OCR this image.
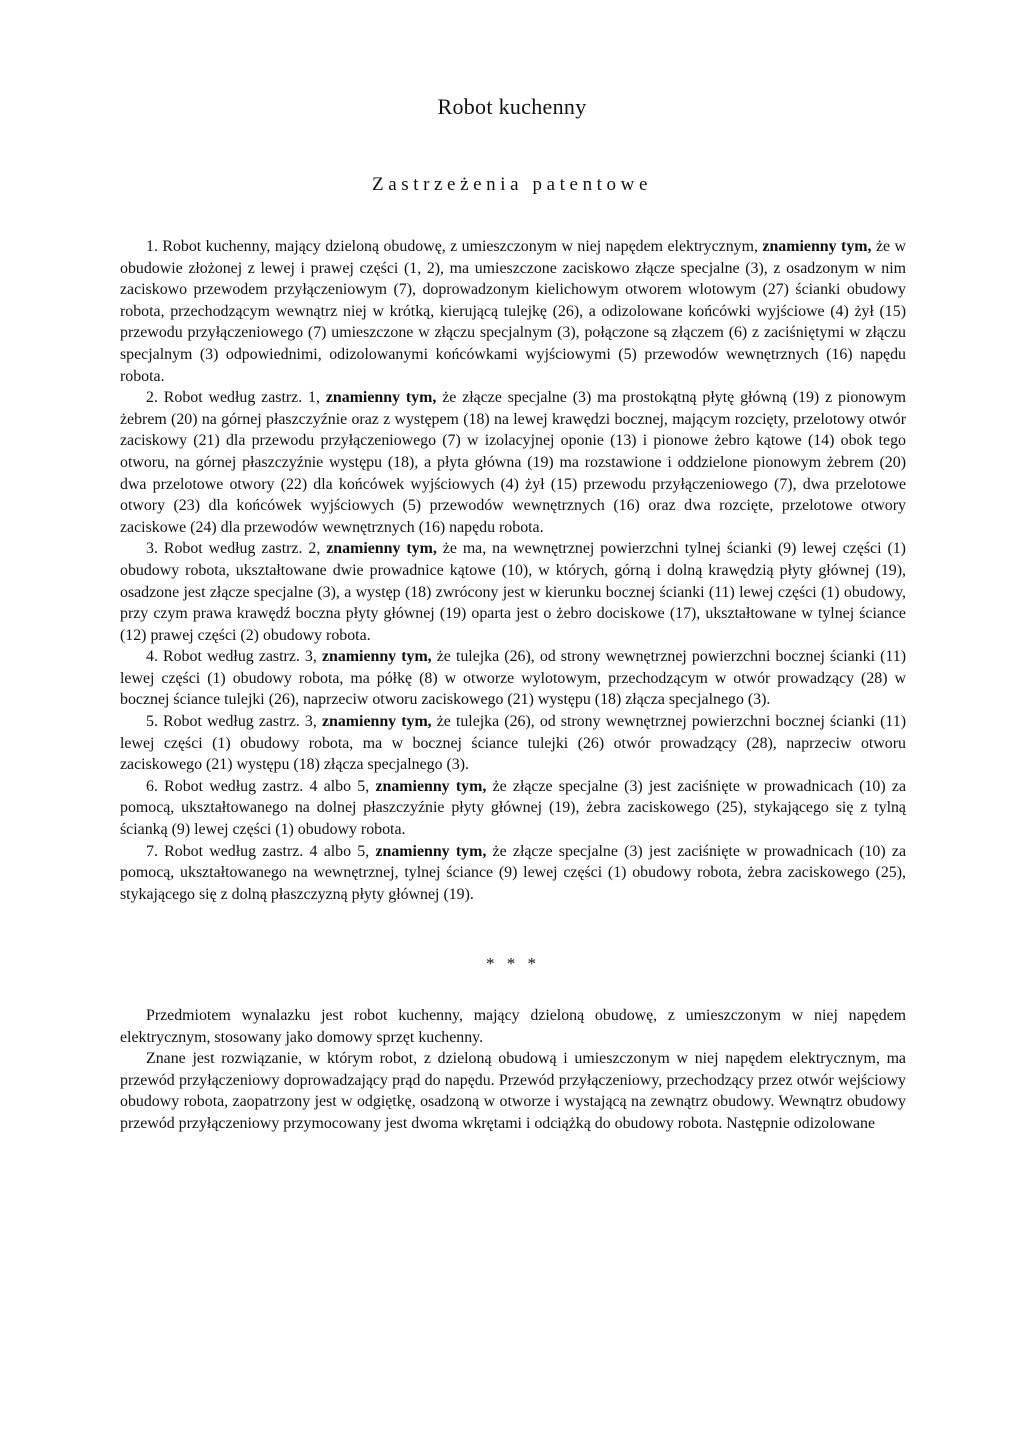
Robot kuchenny
Zastrzeżenia patentowe

1. Robot kuchenny, mający dzieloną obudowę, z umieszczonym w niej napędem elektrycznym, znamienny tym, że w obudowie złożonej z lewej i prawej części (1, 2), ma umieszczone zaciskowo złącze specjalne (3), z osadzonym w nim zaciskowo przewodem przyłączeniowym (7), doprowadzonym kielichowym otworem wlotowym (27) ścianki obudowy robota, przechodzącym wewnątrz niej w krótką, kierującą tulejkę (26), a odizolowane końcówki wyjściowe (4) żył (15) przewodu przyłączeniowego (7) umieszczone w złączu specjalnym (3), połączone są złączem (6) z zaciśniętymi w złączu specjalnym (3) odpowiednimi, odizolowanymi końcówkami wyjściowymi (5) przewodów wewnętrznych (16) napędu robota.

2. Robot według zastrz. 1, znamienny tym, że złącze specjalne (3) ma prostokątną płytę główną (19) z pionowym żebrem (20) na górnej płaszczyźnie oraz z występem (18) na lewej krawędzi bocznej, mającym rozcięty, przelotowy otwór zaciskowy (21) dla przewodu przyłączeniowego (7) w izolacyjnej oponie (13) i pionowe żebro kątowe (14) obok tego otworu, na górnej płaszczyźnie występu (18), a płyta główna (19) ma rozstawione i oddzielone pionowym żebrem (20) dwa przelotowe otwory (22) dla końcówek wyjściowych (4) żył (15) przewodu przyłączeniowego (7), dwa przelotowe otwory (23) dla końcówek wyjściowych (5) przewodów wewnętrznych (16) oraz dwa rozcięte, przelotowe otwory zaciskowe (24) dla przewodów wewnętrznych (16) napędu robota.

3. Robot według zastrz. 2, znamienny tym, że ma, na wewnętrznej powierzchni tylnej ścianki (9) lewej części (1) obudowy robota, ukształtowane dwie prowadnice kątowe (10), w których, górną i dolną krawędzią płyty głównej (19), osadzone jest złącze specjalne (3), a występ (18) zwrócony jest w kierunku bocznej ścianki (11) lewej części (1) obudowy, przy czym prawa krawędź boczna płyty głównej (19) oparta jest o żebro dociskowe (17), ukształtowane w tylnej ściance (12) prawej części (2) obudowy robota.

4. Robot według zastrz. 3, znamienny tym, że tulejka (26), od strony wewnętrznej powierzchni bocznej ścianki (11) lewej części (1) obudowy robota, ma półkę (8) w otworze wylotowym, przechodzącym w otwór prowadzący (28) w bocznej ściance tulejki (26), naprzeciw otworu zaciskowego (21) występu (18) złącza specjalnego (3).

5. Robot według zastrz. 3, znamienny tym, że tulejka (26), od strony wewnętrznej powierzchni bocznej ścianki (11) lewej części (1) obudowy robota, ma w bocznej ściance tulejki (26) otwór prowadzący (28), naprzeciw otworu zaciskowego (21) występu (18) złącza specjalnego (3).

6. Robot według zastrz. 4 albo 5, znamienny tym, że złącze specjalne (3) jest zaciśnięte w prowadnicach (10) za pomocą, ukształtowanego na dolnej płaszczyźnie płyty głównej (19), żebra zaciskowego (25), stykającego się z tylną ścianką (9) lewej części (1) obudowy robota.

7. Robot według zastrz. 4 albo 5, znamienny tym, że złącze specjalne (3) jest zaciśnięte w prowadnicach (10) za pomocą, ukształtowanego na wewnętrznej, tylnej ściance (9) lewej części (1) obudowy robota, żebra zaciskowego (25), stykającego się z dolną płaszczyzną płyty głównej (19).

* * *

Przedmiotem wynalazku jest robot kuchenny, mający dzieloną obudowę, z umieszczonym w niej napędem elektrycznym, stosowany jako domowy sprzęt kuchenny.

Znane jest rozwiązanie, w którym robot, z dzieloną obudową i umieszczonym w niej napędem elektrycznym, ma przewód przyłączeniowy doprowadzający prąd do napędu. Przewód przyłączeniowy, przechodzący przez otwór wejściowy obudowy robota, zaopatrzony jest w odgiętkę, osadzoną w otworze i wystającą na zewnątrz obudowy. Wewnątrz obudowy przewód przyłączeniowy przymocowany jest dwoma wkrętami i odciążką do obudowy robota. Następnie odizolowane
